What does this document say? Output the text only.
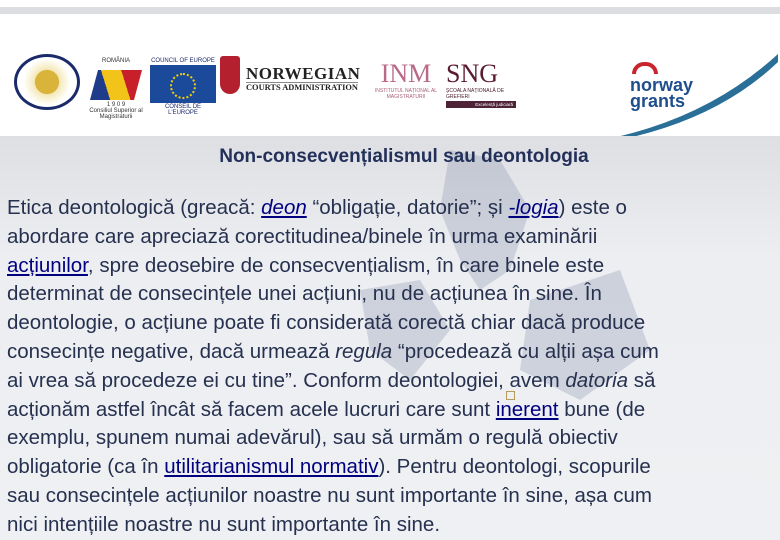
ROMÂNIA
1 9 0 9
Consiliul Superior al Magistraturii
COUNCIL OF EUROPE
CONSEIL DE L'EUROPE
NORWEGIAN
COURTS ADMINISTRATION INM
INSTITUTUL NAȚIONAL AL MAGISTRATURII
SNG
ȘCOALA NAȚIONALĂ DE GREFIERI
Excelență judiciară
norway
grants
Non-consecvențialismul sau deontologia
Etica deontologică (greacă: deon “obligație, datorie”; și -logia) este o
abordare care apreciază corectitudinea/binele în urma examinării
acțiunilor, spre deosebire de consecvențialism, în care binele este
determinat de consecințele unei acțiuni, nu de acțiunea în sine. În
deontologie, o acțiune poate fi considerată corectă chiar dacă produce
consecințe negative, dacă urmează regula “procedează cu alții așa cum
ai vrea să procedeze ei cu tine”. Conform deontologiei, avem datoria să
acționăm astfel încât să facem acele lucruri care sunt inerent bune (de
exemplu, spunem numai adevărul), sau să urmăm o regulă obiectiv
obligatorie (ca în utilitarianismul normativ). Pentru deontologi, scopurile
sau consecințele acțiunilor noastre nu sunt importante în sine, așa cum
nici intențiile noastre nu sunt importante în sine.
